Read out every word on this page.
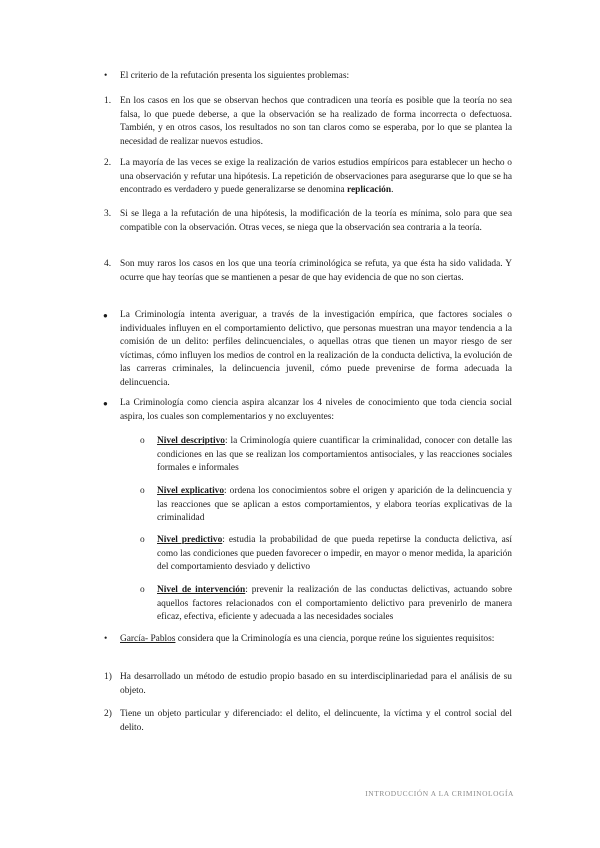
• El criterio de la refutación presenta los siguientes problemas:
1. En los casos en los que se observan hechos que contradicen una teoría es posible que la teoría no sea falsa, lo que puede deberse, a que la observación se ha realizado de forma incorrecta o defectuosa. También, y en otros casos, los resultados no son tan claros como se esperaba, por lo que se plantea la necesidad de realizar nuevos estudios.
2. La mayoría de las veces se exige la realización de varios estudios empíricos para establecer un hecho o una observación y refutar una hipótesis. La repetición de observaciones para asegurarse que lo que se ha encontrado es verdadero y puede generalizarse se denomina replicación.
3. Si se llega a la refutación de una hipótesis, la modificación de la teoría es mínima, solo para que sea compatible con la observación. Otras veces, se niega que la observación sea contraria a la teoría.
4. Son muy raros los casos en los que una teoría criminológica se refuta, ya que ésta ha sido validada. Y ocurre que hay teorías que se mantienen a pesar de que hay evidencia de que no son ciertas.
● La Criminología intenta averiguar, a través de la investigación empírica, que factores sociales o individuales influyen en el comportamiento delictivo, que personas muestran una mayor tendencia a la comisión de un delito: perfiles delincuenciales, o aquellas otras que tienen un mayor riesgo de ser víctimas, cómo influyen los medios de control en la realización de la conducta delictiva, la evolución de las carreras criminales, la delincuencia juvenil, cómo puede prevenirse de forma adecuada la delincuencia.
● La Criminología como ciencia aspira alcanzar los 4 niveles de conocimiento que toda ciencia social aspira, los cuales son complementarios y no excluyentes:
o Nivel descriptivo: la Criminología quiere cuantificar la criminalidad, conocer con detalle las condiciones en las que se realizan los comportamientos antisociales, y las reacciones sociales formales e informales
o Nivel explicativo: ordena los conocimientos sobre el origen y aparición de la delincuencia y las reacciones que se aplican a estos comportamientos, y elabora teorías explicativas de la criminalidad
o Nivel predictivo: estudia la probabilidad de que pueda repetirse la conducta delictiva, así como las condiciones que pueden favorecer o impedir, en mayor o menor medida, la aparición del comportamiento desviado y delictivo
o Nivel de intervención: prevenir la realización de las conductas delictivas, actuando sobre aquellos factores relacionados con el comportamiento delictivo para prevenirlo de manera eficaz, efectiva, eficiente y adecuada a las necesidades sociales
• García- Pablos considera que la Criminología es una ciencia, porque reúne los siguientes requisitos:
1) Ha desarrollado un método de estudio propio basado en su interdisciplinariedad para el análisis de su objeto.
2) Tiene un objeto particular y diferenciado: el delito, el delincuente, la víctima y el control social del delito.
INTRODUCCIÓN A LA CRIMINOLOGÍA
